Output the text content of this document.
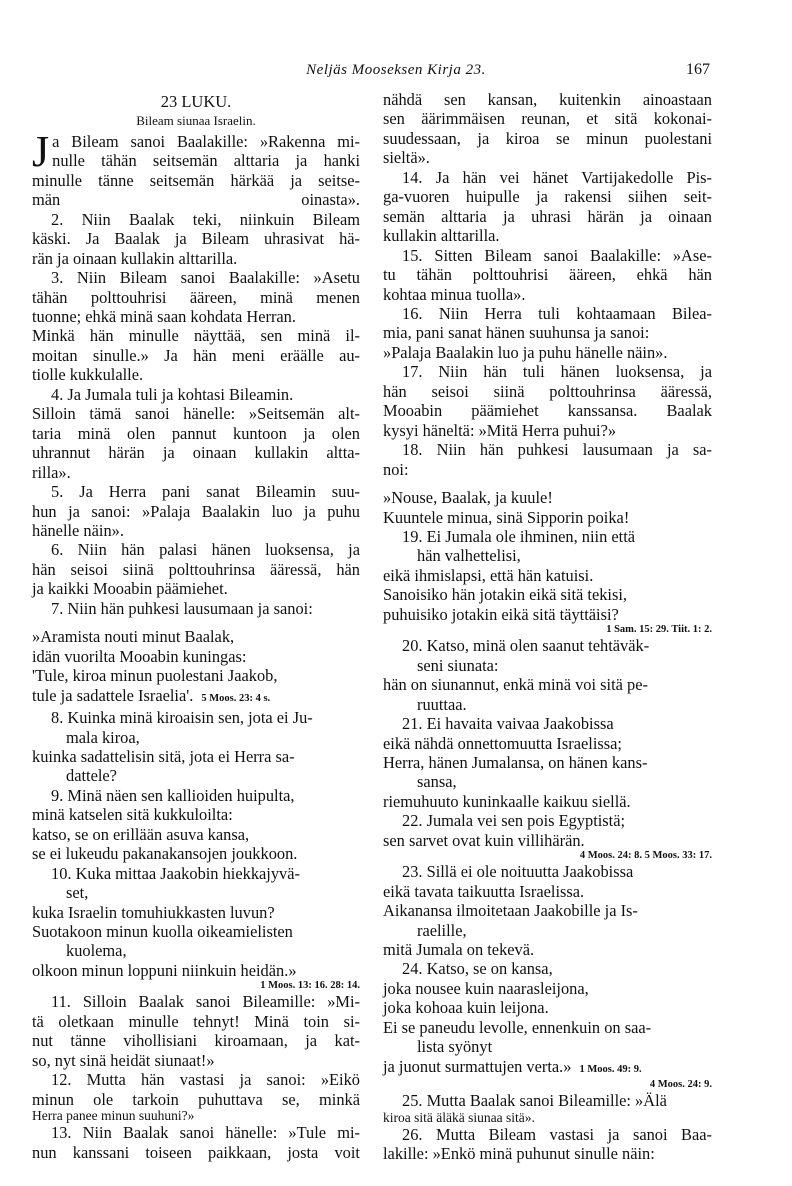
Neljäs Mooseksen Kirja 23.	167
23 LUKU.
Bileam siunaa Israelin.
J a Bileam sanoi Baalakille: »Rakenna mi-
nulle tähän seitsemän alttaria ja hanki
minulle tänne seitsemän härkää ja seitse-
män oinasta».
2. Niin Baalak teki, niinkuin Bileam
käski. Ja Baalak ja Bileam uhrasivat hä-
rän ja oinaan kullakin alttarilla.
3. Niin Bileam sanoi Baalakille: »Asetu
tähän polttouhrisi ääreen, minä menen
tuonne; ehkä minä saan kohdata Herran.
Minkä hän minulle näyttää, sen minä il-
moitan sinulle.» Ja hän meni eräälle au-
tiolle kukkulalle.
4. Ja Jumala tuli ja kohtasi Bileamin.
Silloin tämä sanoi hänelle: »Seitsemän alt-
taria minä olen pannut kuntoon ja olen
uhrannut härän ja oinaan kullakin altta-
rilla».
5. Ja Herra pani sanat Bileamin suu-
hun ja sanoi: »Palaja Baalakin luo ja puhu
hänelle näin».
6. Niin hän palasi hänen luoksensa, ja
hän seisoi siinä polttouhrinsa ääressä, hän
ja kaikki Mooabin päämiehet.
7. Niin hän puhkesi lausumaan ja sanoi:
»Aramista nouti minut Baalak,
idän vuorilta Mooabin kuningas:
'Tule, kiroa minun puolestani Jaakob,
tule ja sadattele Israelia'. 5 Moos. 23: 4 s.
8. Kuinka minä kiroaisin sen, jota ei Ju-
mala kiroa,
kuinka sadattelisin sitä, jota ei Herra sa-
dattele?
9. Minä näen sen kallioiden huipulta,
minä katselen sitä kukkuloilta:
katso, se on erillään asuva kansa,
se ei lukeudu pakanakansojen joukkoon.
10. Kuka mittaa Jaakobin hiekkajyvä-
set,
kuka Israelin tomuhiukkasten luvun?
Suotakoon minun kuolla oikeamielisten
kuolema,
olkoon minun loppuni niinkuin heidän.»
1 Moos. 13: 16. 28: 14.
11. Silloin Baalak sanoi Bileamille: »Mi-
tä oletkaan minulle tehnyt! Minä toin si-
nut tänne vihollisiani kiroamaan, ja kat-
so, nyt sinä heidät siunaat!»
12. Mutta hän vastasi ja sanoi: »Eikö
minun ole tarkoin puhuttava se, minkä
Herra panee minun suuhuni?»
13. Niin Baalak sanoi hänelle: »Tule mi-
nun kanssani toiseen paikkaan, josta voit
nähdä sen kansan, kuitenkin ainoastaan
sen äärimmäisen reunan, et sitä kokonai-
suudessaan, ja kiroa se minun puolestani
sieltä».
14. Ja hän vei hänet Vartijakedolle Pis-
ga-vuoren huipulle ja rakensi siihen seit-
semän alttaria ja uhrasi härän ja oinaan
kullakin alttarilla.
15. Sitten Bileam sanoi Baalakille: »Ase-
tu tähän polttouhrisi ääreen, ehkä hän
kohtaa minua tuolla».
16. Niin Herra tuli kohtaamaan Bilea-
mia, pani sanat hänen suuhunsa ja sanoi:
»Palaja Baalakin luo ja puhu hänelle näin».
17. Niin hän tuli hänen luoksensa, ja
hän seisoi siinä polttouhrinsa ääressä,
Mooabin päämiehet kanssansa. Baalak
kysyi häneltä: »Mitä Herra puhui?»
18. Niin hän puhkesi lausumaan ja sa-
noi:
»Nouse, Baalak, ja kuule!
Kuuntele minua, sinä Sipporin poika!
19. Ei Jumala ole ihminen, niin että
hän valhettelisi,
eikä ihmislapsi, että hän katuisi.
Sanoisiko hän jotakin eikä sitä tekisi,
puhuisiko jotakin eikä sitä täyttäisi?
1 Sam. 15: 29. Tiit. 1: 2.
20. Katso, minä olen saanut tehtäväk-
seni siunata:
hän on siunannut, enkä minä voi sitä pe-
ruuttaa.
21. Ei havaita vaivaa Jaakobissa
eikä nähdä onnettomuutta Israelissa;
Herra, hänen Jumalansa, on hänen kans-
sansa,
riemuhuuto kuninkaalle kaikuu siellä.
22. Jumala vei sen pois Egyptistä;
sen sarvet ovat kuin villihärän.
4 Moos. 24: 8. 5 Moos. 33: 17.
23. Sillä ei ole noituutta Jaakobissa
eikä tavata taikuutta Israelissa.
Aikanansa ilmoitetaan Jaakobille ja Is-
raelille,
mitä Jumala on tekevä.
24. Katso, se on kansa,
joka nousee kuin naarasleijona,
joka kohoaa kuin leijona.
Ei se paneudu levolle, ennenkuin on saa-
lista syönyt
ja juonut surmattujen verta.» 1 Moos. 49: 9.
4 Moos. 24: 9.
25. Mutta Baalak sanoi Bileamille: »Älä
kiroa sitä äläkä siunaa sitä».
26. Mutta Bileam vastasi ja sanoi Baa-
lakille: »Enkö minä puhunut sinulle näin:
